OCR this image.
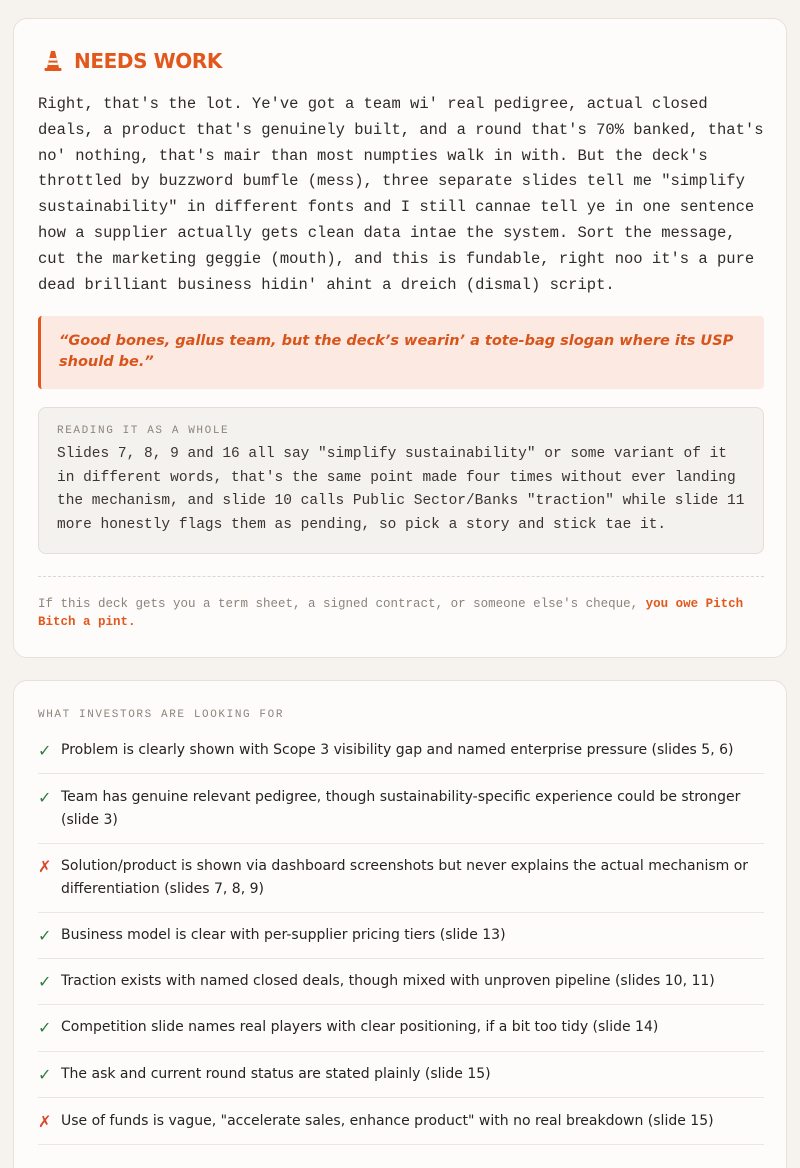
NEEDS WORK

Right, that's the lot. Ye've got a team wi' real pedigree, actual closed deals, a product that's genuinely built, and a round that's 70% banked, that's no' nothing, that's mair than most numpties walk in with. But the deck's throttled by buzzword bumfle (mess), three separate slides tell me "simplify sustainability" in different fonts and I still cannae tell ye in one sentence how a supplier actually gets clean data intae the system. Sort the message, cut the marketing geggie (mouth), and this is fundable, right noo it's a pure dead brilliant business hidin' ahint a dreich (dismal) script.

“Good bones, gallus team, but the deck’s wearin’ a tote-bag slogan where its USP should be.”

READING IT AS A WHOLE

Slides 7, 8, 9 and 16 all say "simplify sustainability" or some variant of it in different words, that's the same point made four times without ever landing the mechanism, and slide 10 calls Public Sector/Banks "traction" while slide 11 more honestly flags them as pending, so pick a story and stick tae it.

If this deck gets you a term sheet, a signed contract, or someone else's cheque, you owe Pitch Bitch a pint.

WHAT INVESTORS ARE LOOKING FOR
✓ Problem is clearly shown with Scope 3 visibility gap and named enterprise pressure (slides 5, 6)
✓ Team has genuine relevant pedigree, though sustainability-specific experience could be stronger (slide 3)
✗ Solution/product is shown via dashboard screenshots but never explains the actual mechanism or differentiation (slides 7, 8, 9)
✓ Business model is clear with per-supplier pricing tiers (slide 13)
✓ Traction exists with named closed deals, though mixed with unproven pipeline (slides 10, 11)
✓ Competition slide names real players with clear positioning, if a bit too tidy (slide 14)
✓ The ask and current round status are stated plainly (slide 15)
✗ Use of funds is vague, "accelerate sales, enhance product" with no real breakdown (slide 15)
